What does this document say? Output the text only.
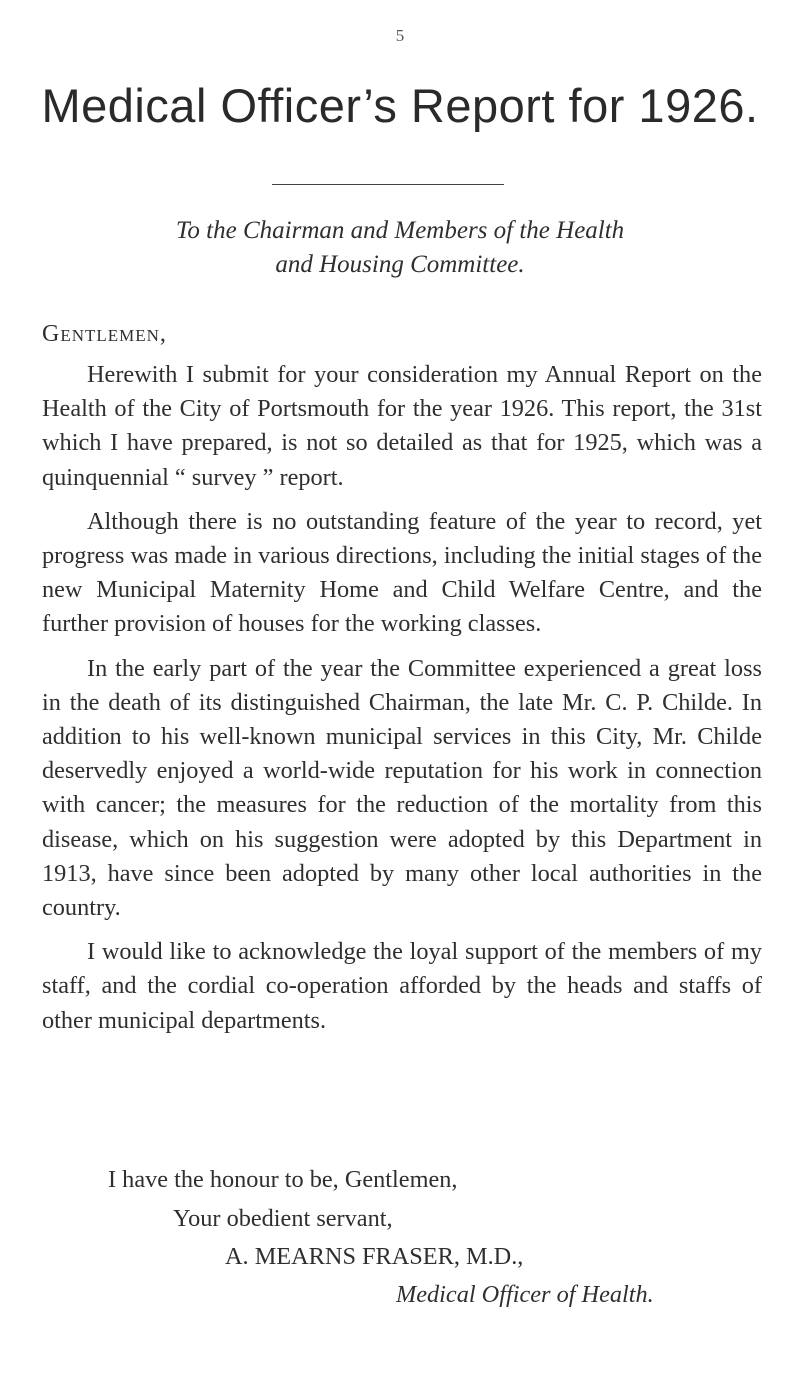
5
Medical Officer’s Report for 1926.
To the Chairman and Members of the Health
and Housing Committee.
Gentlemen,

Herewith I submit for your consideration my Annual Report on the Health of the City of Portsmouth for the year 1926. This report, the 31st which I have prepared, is not so detailed as that for 1925, which was a quinquennial “ survey ” report.

Although there is no outstanding feature of the year to record, yet progress was made in various directions, including the initial stages of the new Municipal Maternity Home and Child Welfare Centre, and the further provision of houses for the working classes.

In the early part of the year the Committee experienced a great loss in the death of its distinguished Chairman, the late Mr. C. P. Childe. In addition to his well-known municipal services in this City, Mr. Childe deservedly enjoyed a world-wide reputation for his work in connection with cancer; the measures for the reduction of the mortality from this disease, which on his suggestion were adopted by this Department in 1913, have since been adopted by many other local authorities in the country.

I would like to acknowledge the loyal support of the members of my staff, and the cordial co-operation afforded by the heads and staffs of other municipal departments.

I have the honour to be, Gentlemen,
Your obedient servant,
A. MEARNS FRASER, M.D.,
Medical Officer of Health.
